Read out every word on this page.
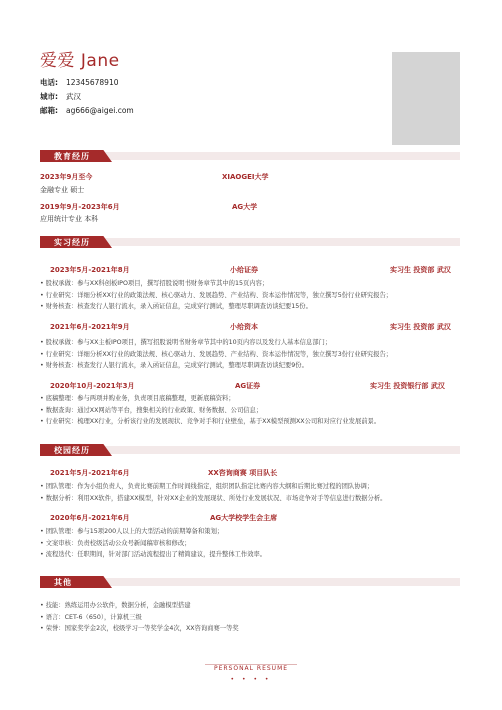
爱爱 Jane
电话:	12345678910
城市:	武汉
邮箱:	ag666@aigei.com
教育经历
2023年9月至今	XIAOGEI大学
金融专业 硕士
2019年9月-2023年6月	AG大学
应用统计专业 本科
实习经历
2023年5月-2021年8月	小给证券	实习生 投资部 武汉
• 股权承做：参与XX科创板IPO项目，撰写招股说明书财务章节其中的15页内容；
• 行业研究：详细分析XX行业的政策法规、核心驱动力、发展趋势、产业结构、资本运作情况等，独立撰写5份行业研究报告；
• 财务核查：核查发行人银行流水，录入函证信息，完成穿行测试，整理尽职调查访谈纪要15份。
2021年6月-2021年9月	小给资本	实习生 投资部 武汉
• 股权承做：参与XX主板IPO项目，撰写招股说明书财务章节其中的10页内容以及发行人基本信息部门；
• 行业研究：详细分析XX行业的政策法规、核心驱动力、发展趋势、产业结构、资本运作情况等，独立撰写3份行业研究报告；
• 财务核查：核查发行人银行流水，录入函证信息，完成穿行测试，整理尽职调查访谈纪要9份。
2020年10月-2021年3月	AG证券	实习生 投资银行部 武汉
• 底稿整理：参与两项并购业务，负责项目底稿整理，更新底稿资料；
• 数据查询：通过XX网站等平台，搜集相关的行业政策、财务数据、公司信息；
• 行业研究：梳理XX行业，分析该行业的发展现状、竞争对手和行业壁垒，基于XX模型预测XX公司和对应行业发展前景。
校园经历
2021年5月-2021年6月	XX咨询商赛 项目队长
• 团队管理：作为小组负责人，负责比赛前期工作时间线指定，组织团队指定比赛内容大纲和后期比赛过程的团队协调；
• 数据分析：利用XX软件，搭建XX模型，针对XX企业的发展现状、所处行业发展状况、市场竞争对手等信息进行数据分析。
2020年6月-2021年6月	AG大学校学生会主席
• 团队管理：参与15项200人以上的大型活动的前期筹备和策划；
• 文案审核：负责校级活动公众号新闻稿审核和修改；
• 流程迭代：任职期间，针对部门活动流程提出了精简建议，提升整体工作效率。
其他
• 技能：熟练运用办公软件，数据分析，金融模型搭建
• 语言：CET-6（650），计算机三级
• 荣誉：国家奖学金2次，校级学习一等奖学金4次，XX咨询商赛一等奖
PERSONAL RESUME
• • • •
